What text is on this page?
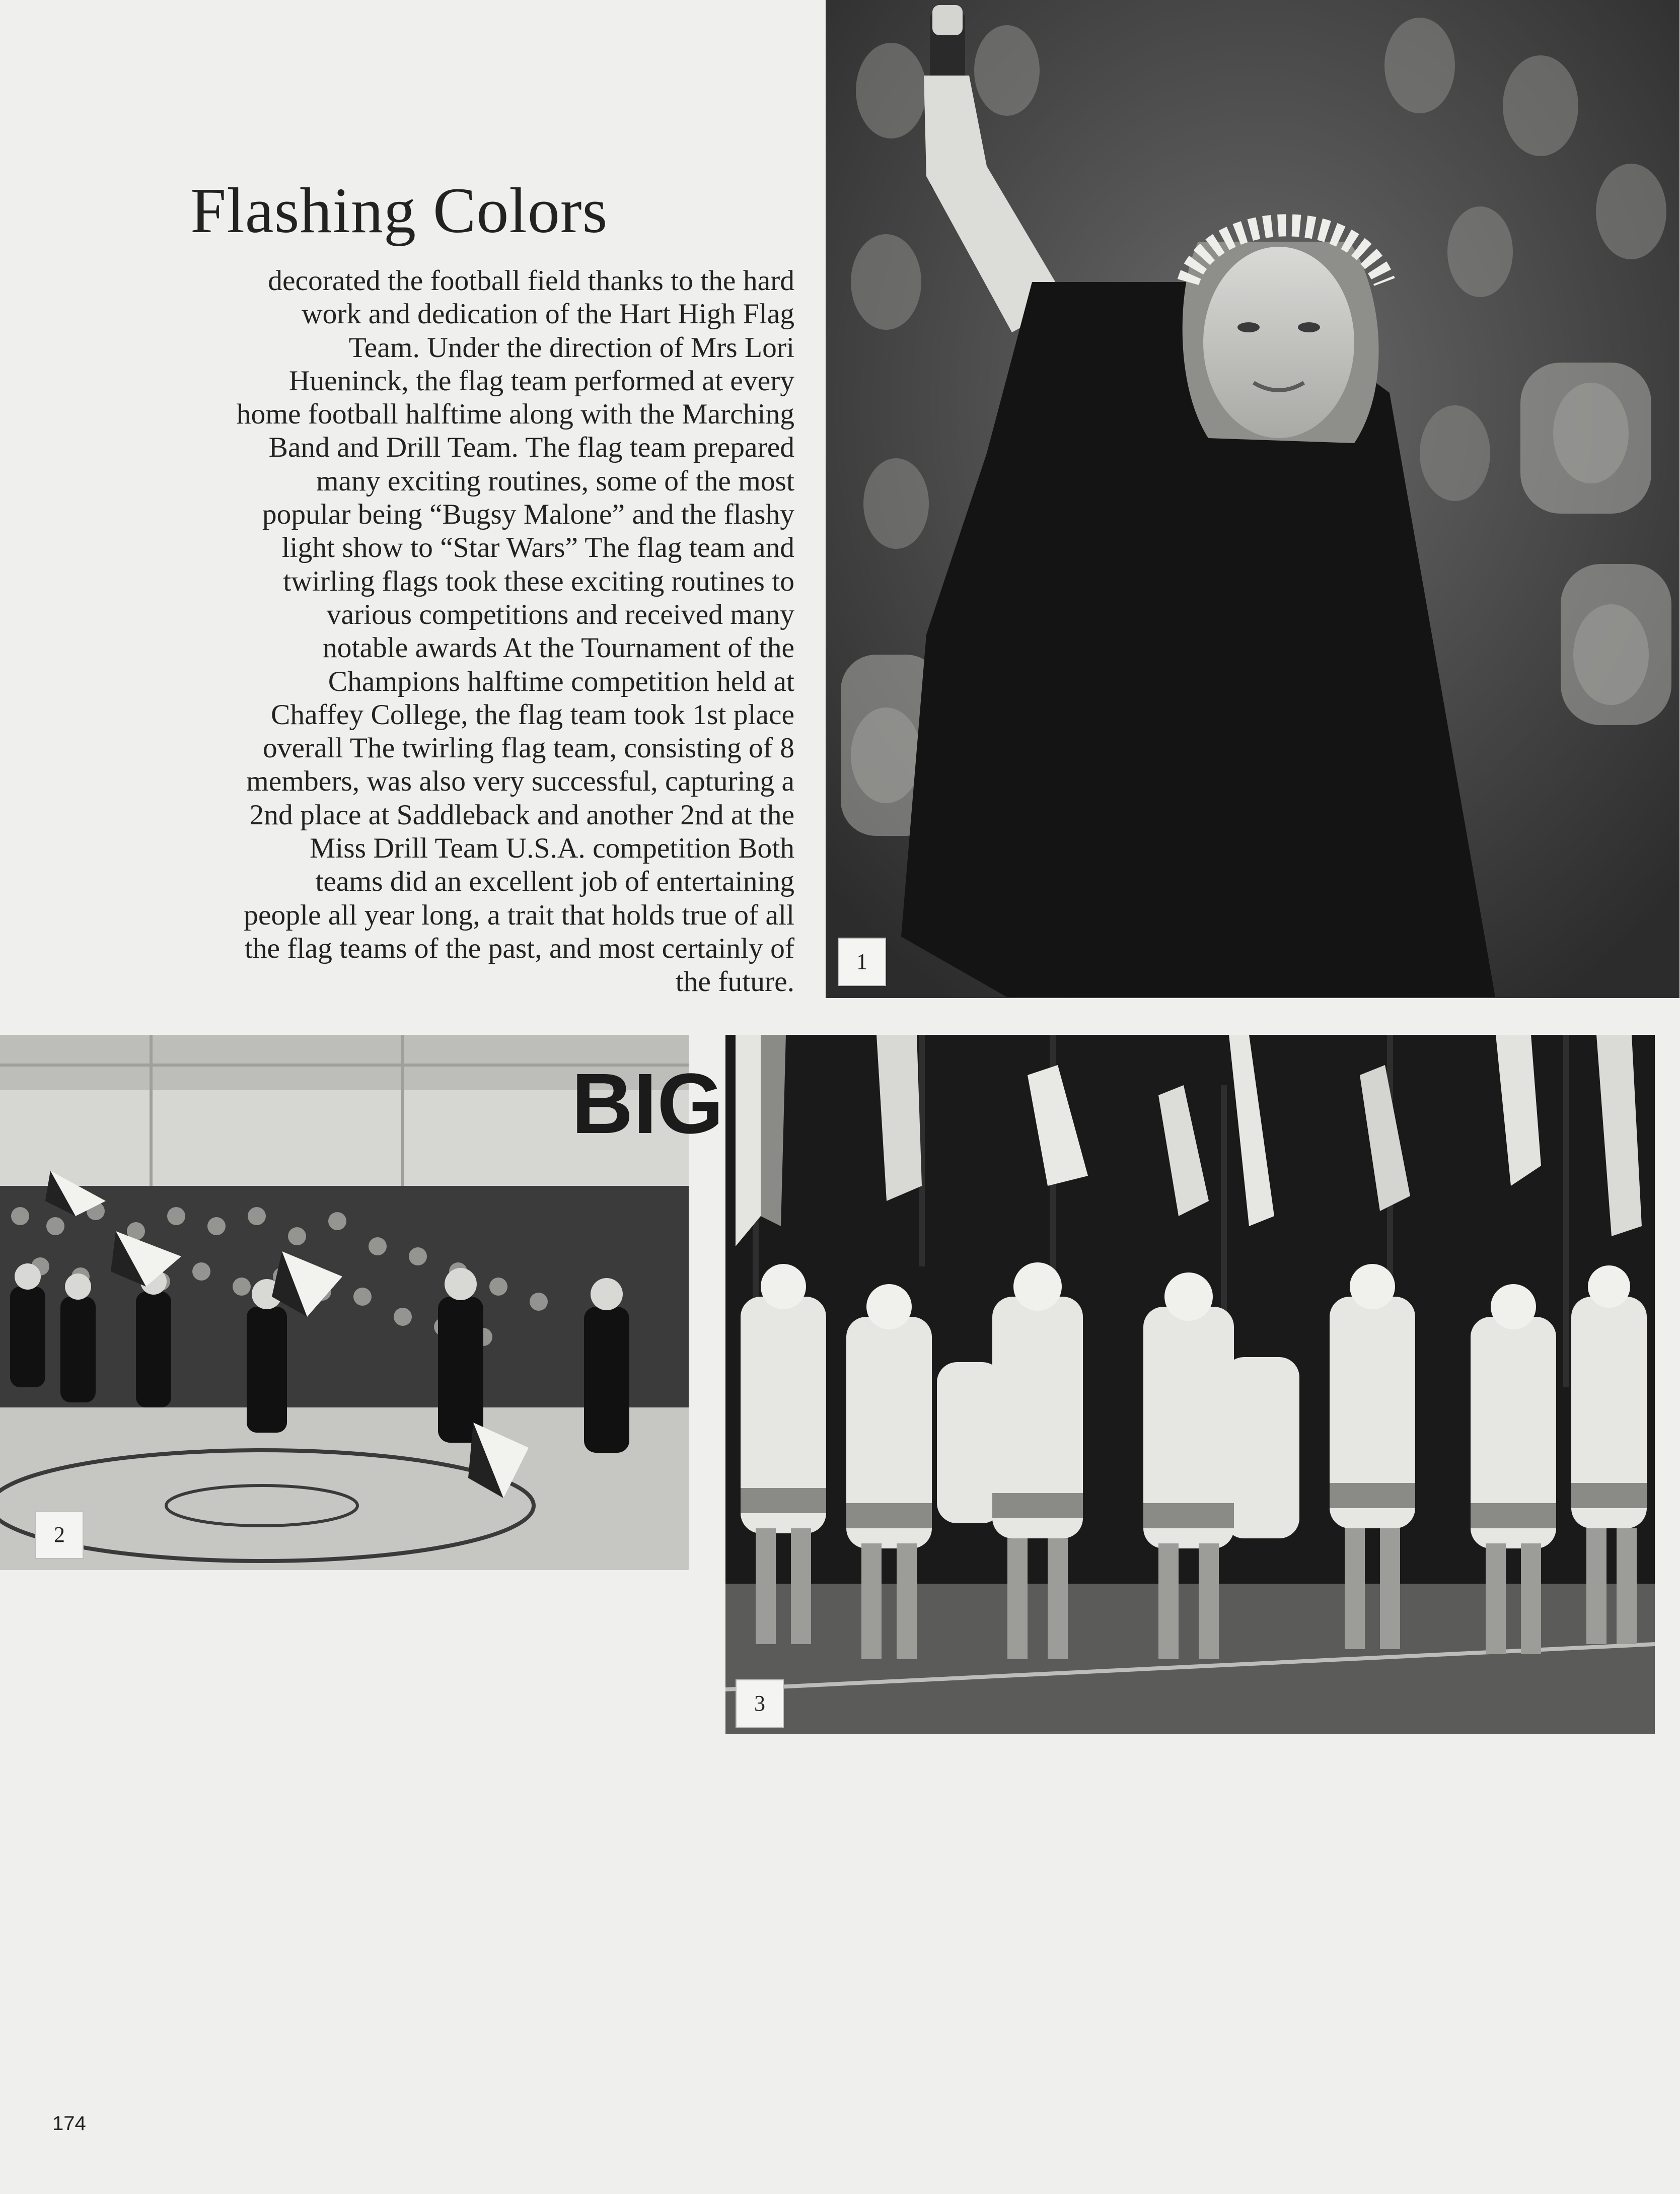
Flashing Colors
decorated the football field thanks to the hard
work and dedication of the Hart High Flag
Team. Under the direction of Mrs Lori
Hueninck, the flag team performed at every
home football halftime along with the Marching
Band and Drill Team. The flag team prepared
many exciting routines, some of the most
popular being “Bugsy Malone” and the flashy
light show to “Star Wars” The flag team and
twirling flags took these exciting routines to
various competitions and received many
notable awards At the Tournament of the
Champions halftime competition held at
Chaffey College, the flag team took 1st place
overall The twirling flag team, consisting of 8
members, was also very successful, capturing a
2nd place at Saddleback and another 2nd at the
Miss Drill Team U.S.A. competition Both
teams did an excellent job of entertaining
people all year long, a trait that holds true of all
the flag teams of the past, and most certainly of
the future.
1
BIG
2
3
174
